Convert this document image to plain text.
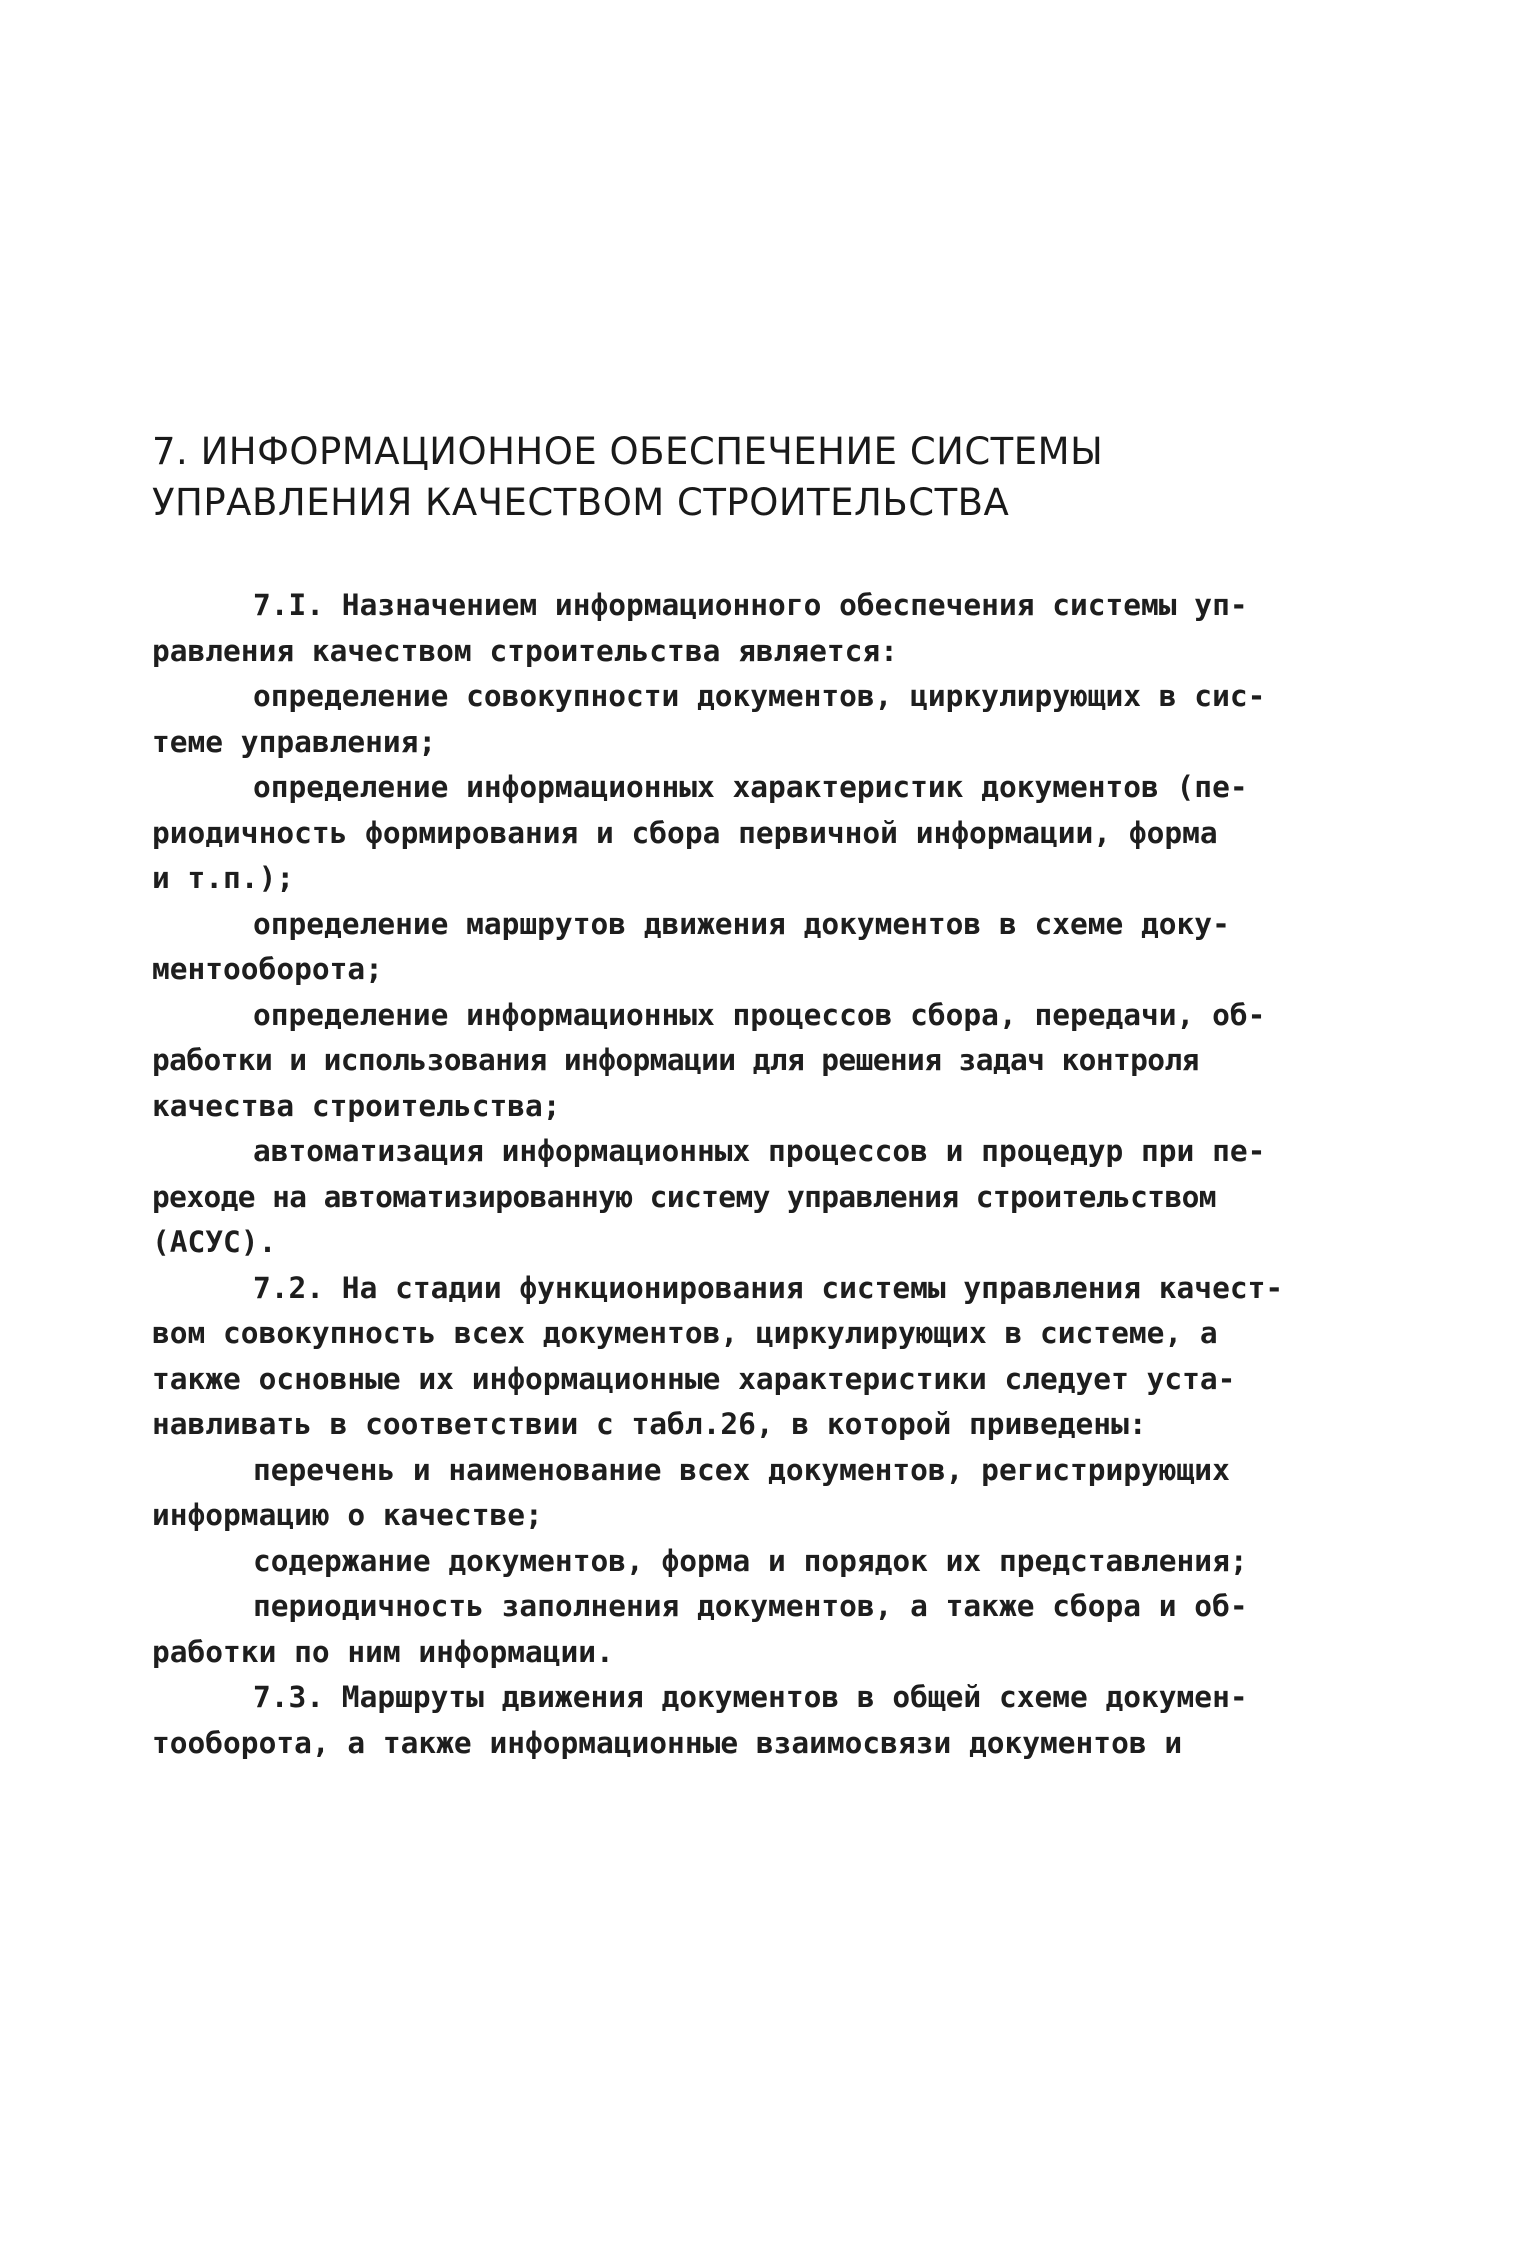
7. ИНФОРМАЦИОННОЕ ОБЕСПЕЧЕНИЕ СИСТЕМЫ
УПРАВЛЕНИЯ КАЧЕСТВОМ СТРОИТЕЛЬСТВА
7.I. Назначением информационного обеспечения системы уп-
равления качеством строительства является:
определение совокупности документов, циркулирующих в сис-
теме управления;
определение информационных характеристик документов (пе-
риодичность формирования и сбора первичной информации, форма
и т.п.);
определение маршрутов движения документов в схеме доку-
ментооборота;
определение информационных процессов сбора, передачи, об-
работки и использования информации для решения задач контроля
качества строительства;
автоматизация информационных процессов и процедур при пе-
реходе на автоматизированную систему управления строительством
(АСУС).
7.2. На стадии функционирования системы управления качест-
вом совокупность всех документов, циркулирующих в системе, а
также основные их информационные характеристики следует уста-
навливать в соответствии с табл.26, в которой приведены:
перечень и наименование всех документов, регистрирующих
информацию о качестве;
содержание документов, форма и порядок их представления;
периодичность заполнения документов, а также сбора и об-
работки по ним информации.
7.3. Маршруты движения документов в общей схеме докумен-
тооборота, а также информационные взаимосвязи документов и
